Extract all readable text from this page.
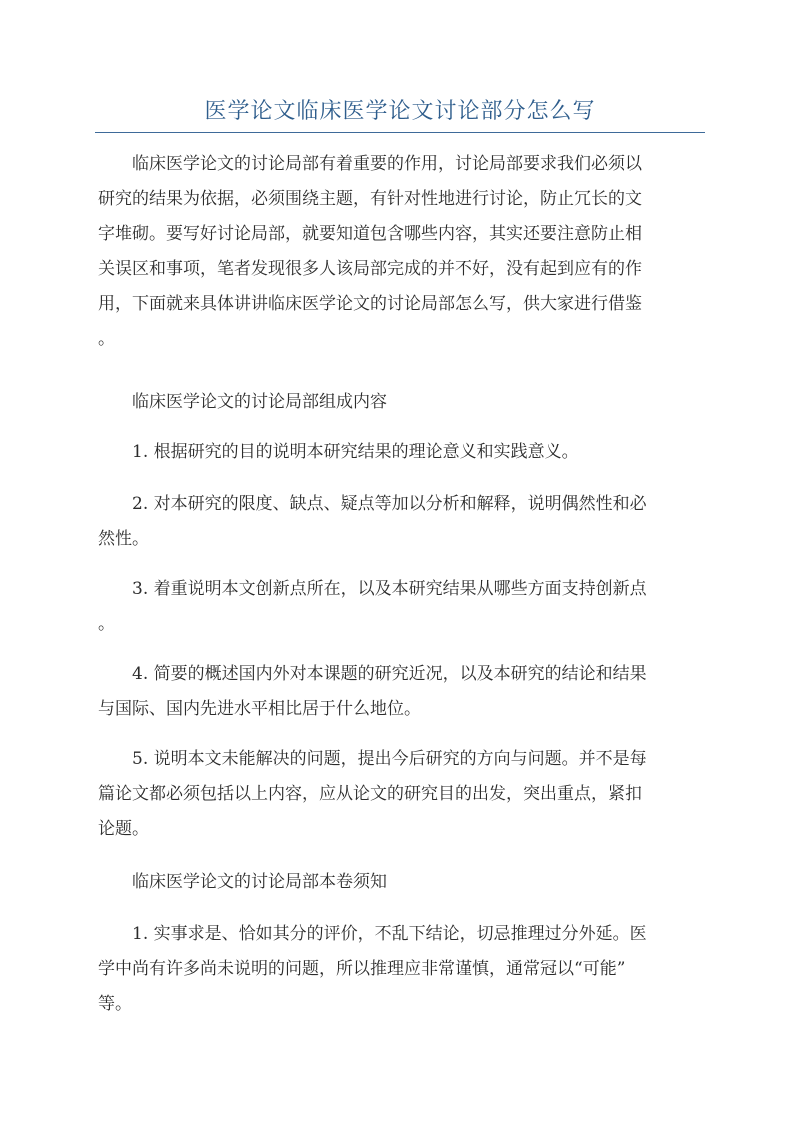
医学论文临床医学论文讨论部分怎么写
临床医学论文的讨论局部有着重要的作用，讨论局部要求我们必须以
研究的结果为依据，必须围绕主题，有针对性地进行讨论，防止冗长的文
字堆砌。要写好讨论局部，就要知道包含哪些内容，其实还要注意防止相
关误区和事项，笔者发现很多人该局部完成的并不好，没有起到应有的作
用，下面就来具体讲讲临床医学论文的讨论局部怎么写，供大家进行借鉴
。
临床医学论文的讨论局部组成内容
1. 根据研究的目的说明本研究结果的理论意义和实践意义。
2. 对本研究的限度、缺点、疑点等加以分析和解释，说明偶然性和必
然性。
3. 着重说明本文创新点所在，以及本研究结果从哪些方面支持创新点
。
4. 简要的概述国内外对本课题的研究近况，以及本研究的结论和结果
与国际、国内先进水平相比居于什么地位。
5. 说明本文未能解决的问题，提出今后研究的方向与问题。并不是每
篇论文都必须包括以上内容，应从论文的研究目的出发，突出重点，紧扣
论题。
临床医学论文的讨论局部本卷须知
1. 实事求是、恰如其分的评价，不乱下结论，切忌推理过分外延。医
学中尚有许多尚未说明的问题，所以推理应非常谨慎，通常冠以“可能”
等。
